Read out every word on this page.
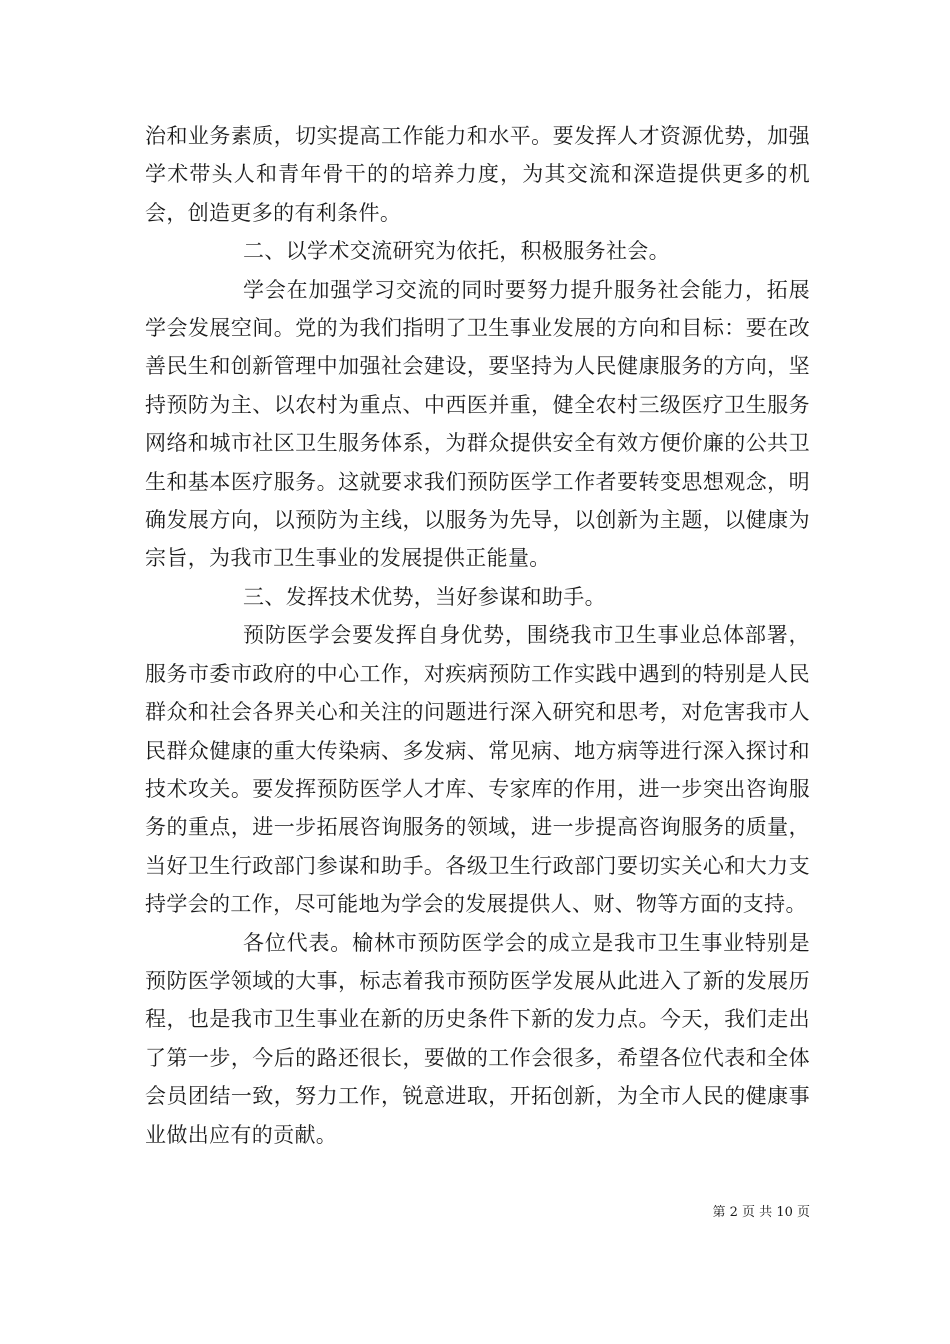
治和业务素质，切实提高工作能力和水平。要发挥人才资源优势，加强学术带头人和青年骨干的的培养力度，为其交流和深造提供更多的机会，创造更多的有利条件。

二、以学术交流研究为依托，积极服务社会。

学会在加强学习交流的同时要努力提升服务社会能力，拓展学会发展空间。党的为我们指明了卫生事业发展的方向和目标：要在改善民生和创新管理中加强社会建设，要坚持为人民健康服务的方向，坚持预防为主、以农村为重点、中西医并重，健全农村三级医疗卫生服务网络和城市社区卫生服务体系，为群众提供安全有效方便价廉的公共卫生和基本医疗服务。这就要求我们预防医学工作者要转变思想观念，明确发展方向，以预防为主线，以服务为先导，以创新为主题，以健康为宗旨，为我市卫生事业的发展提供正能量。

三、发挥技术优势，当好参谋和助手。

预防医学会要发挥自身优势，围绕我市卫生事业总体部署，服务市委市政府的中心工作，对疾病预防工作实践中遇到的特别是人民群众和社会各界关心和关注的问题进行深入研究和思考，对危害我市人民群众健康的重大传染病、多发病、常见病、地方病等进行深入探讨和技术攻关。要发挥预防医学人才库、专家库的作用，进一步突出咨询服务的重点，进一步拓展咨询服务的领域，进一步提高咨询服务的质量，当好卫生行政部门参谋和助手。各级卫生行政部门要切实关心和大力支持学会的工作，尽可能地为学会的发展提供人、财、物等方面的支持。

各位代表。榆林市预防医学会的成立是我市卫生事业特别是预防医学领域的大事，标志着我市预防医学发展从此进入了新的发展历程，也是我市卫生事业在新的历史条件下新的发力点。今天，我们走出了第一步，今后的路还很长，要做的工作会很多，希望各位代表和全体会员团结一致，努力工作，锐意进取，开拓创新，为全市人民的健康事业做出应有的贡献。

第 2 页 共 10 页
